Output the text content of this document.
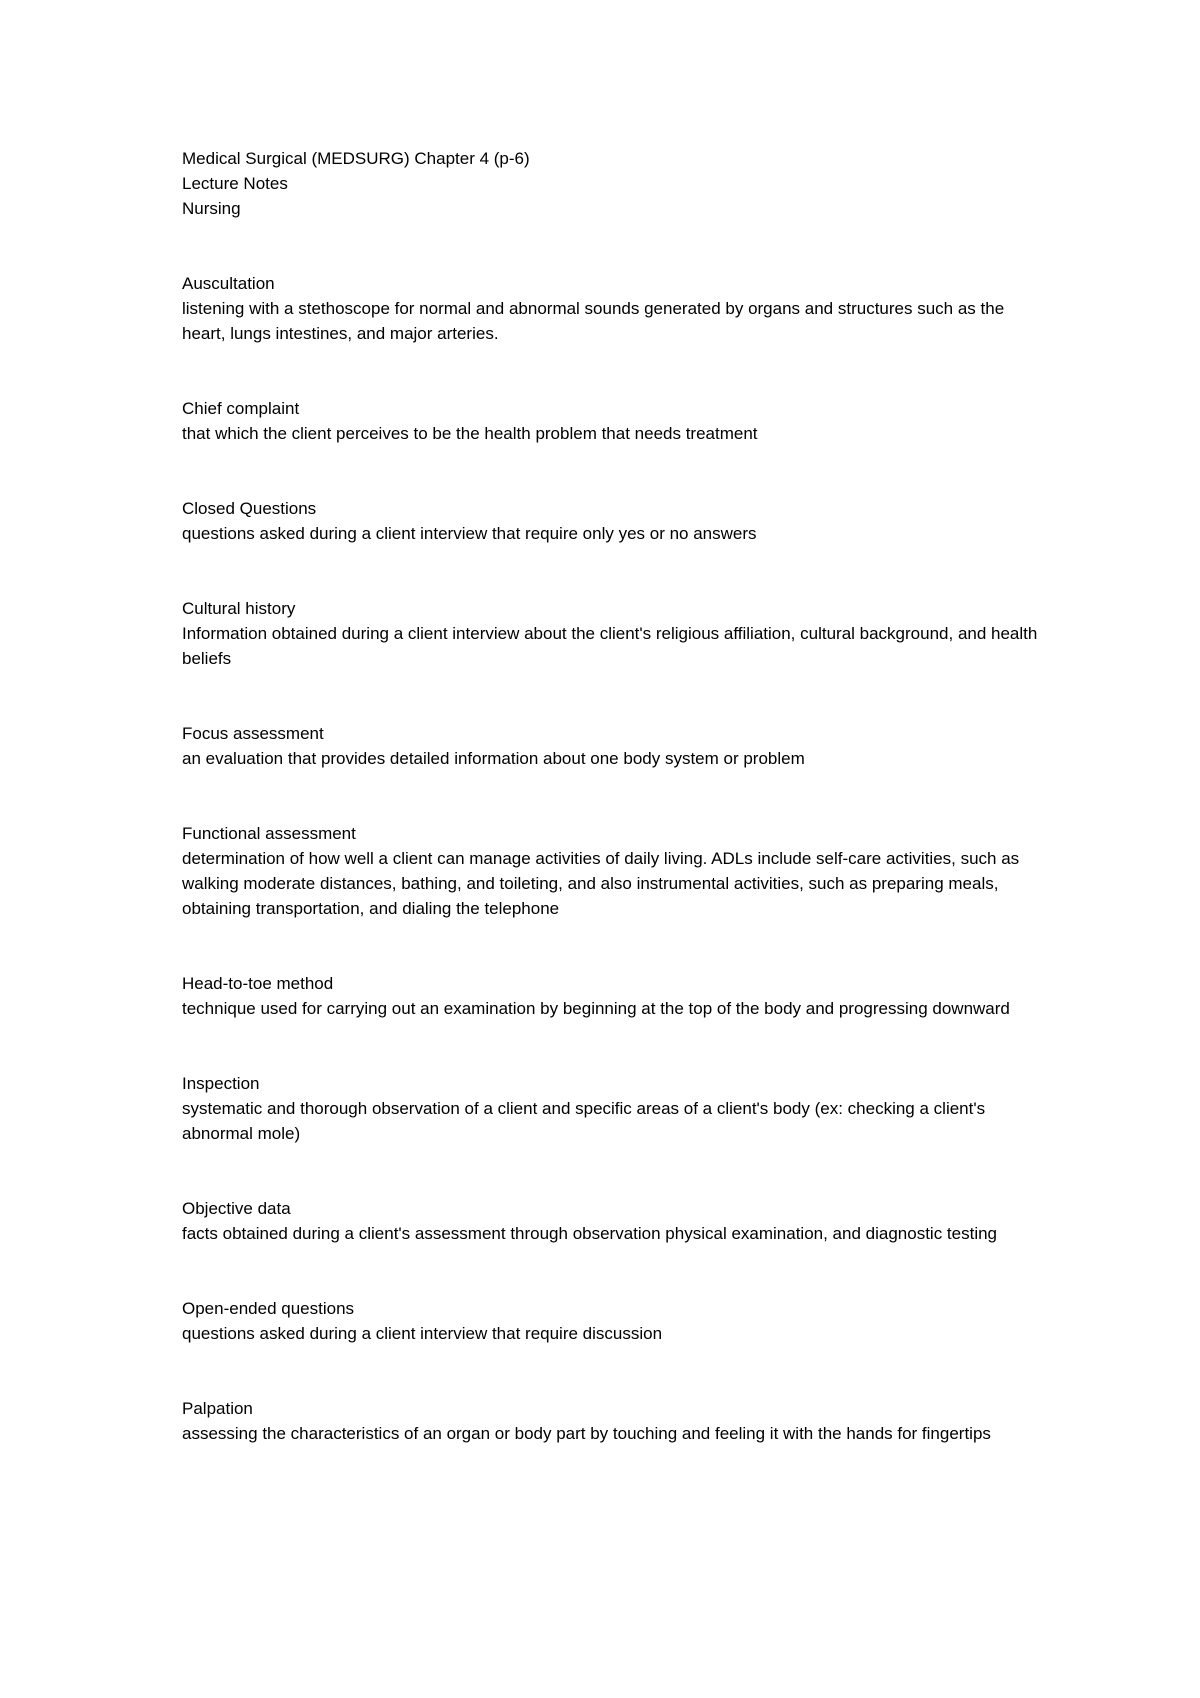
Medical Surgical (MEDSURG) Chapter 4 (p-6)
Lecture Notes
Nursing
Auscultation
listening with a stethoscope for normal and abnormal sounds generated by organs and structures such as the heart, lungs intestines, and major arteries.
Chief complaint
that which the client perceives to be the health problem that needs treatment
Closed Questions
questions asked during a client interview that require only yes or no answers
Cultural history
Information obtained during a client interview about the client's religious affiliation, cultural background, and health beliefs
Focus assessment
an evaluation that provides detailed information about one body system or problem
Functional assessment
determination of how well a client can manage activities of daily living. ADLs include self-care activities, such as walking moderate distances, bathing, and toileting, and also instrumental activities, such as preparing meals, obtaining transportation, and dialing the telephone
Head-to-toe method
technique used for carrying out an examination by beginning at the top of the body and progressing downward
Inspection
systematic and thorough observation of a client and specific areas of a client's body (ex: checking a client's abnormal mole)
Objective data
facts obtained during a client's assessment through observation physical examination, and diagnostic testing
Open-ended questions
questions asked during a client interview that require discussion
Palpation
assessing the characteristics of an organ or body part by touching and feeling it with the hands for fingertips
